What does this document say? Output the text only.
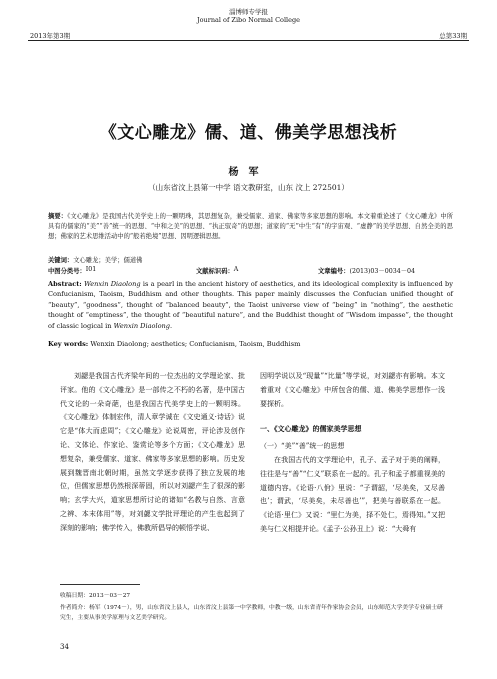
淄博师专学报
Journal of Zibo Normal College
2013年第3期	总第33期
《文心雕龙》儒、道、佛美学思想浅析
杨军
（山东省汶上县第一中学 语文教研室，山东 汶上 272501）
摘要：《文心雕龙》是我国古代美学史上的一颗明珠，其思想复杂，兼受儒家、道家、佛家等多家思想的影响。本文着重论述了《文心雕龙》中所具有的儒家的“美”“善”统一的思想、“中和之美”的思想、“执正驭奇”的思想；道家的“无”中生“有”的宇宙观、“虚静”的美学思想、自然全美的思想；佛家的艺术思维活动中的“般若绝境”思想、因明逻辑思想。
关键词：文心雕龙；美学；儒道佛
中图分类号： I01	文献标识码： A	文章编号： (2013)03－0034－04
Abstract: Wenxin Diaolong is a pearl in the ancient history of aesthetics, and its ideological complexity is influenced by Confucianism, Taoism, Buddhism and other thoughts. This paper mainly discusses the Confucian unified thought of “beauty”, “goodness”, thought of “balanced beauty”, the Taoist universe view of “being” in “nothing”, the aesthetic thought of “emptiness”, the thought of “beautiful nature”, and the Buddhist thought of “Wisdom impasse”, the thought of classic logical in Wenxin Diaolong.
Key words: Wenxin Diaolong; aesthetics; Confucianism, Taoism, Buddhism
刘勰是我国古代齐梁年间的一位杰出的文学理论家、批评家。他的《文心雕龙》是一部传之不朽的名著，是中国古代文论的一朵奇葩，也是我国古代美学史上的一颗明珠。《文心雕龙》体制宏伟，清人章学诚在《文史通义·诗话》说它是“体大而虑周”；《文心雕龙》论说周密，评论涉及创作论、文体论、作家论、鉴赏论等多个方面；《文心雕龙》思想复杂，兼受儒家、道家、佛家等多家思想的影响。历史发展到魏晋南北朝时期，虽然文学逐步获得了独立发展的地位，但儒家思想仍然根深蒂固，所以对刘勰产生了很深的影响；玄学大兴，道家思想所讨论的诸如“名教与自然、言意之辨、本末体用”等，对刘勰文学批评理论的产生也起到了深刻的影响；佛学传入，佛教所倡导的顿悟学说、
因明学说以及“现量”“比量”等学说，对刘勰亦有影响。本文着重对《文心雕龙》中所包含的儒、道、佛美学思想作一浅要探析。
一、《文心雕龙》的儒家美学思想
（一）“美”“善”统一的思想
在我国古代的文学理论中，孔子、孟子对于美的阐释，往往是与“善”“仁义”联系在一起的。孔子和孟子都重视美的道德内容。《论语·八佾》里说：“子谓韶，‘尽美矣，又尽善也’；谓武，‘尽美矣，未尽善也’”，把美与善联系在一起。《论语·里仁》又说：“里仁为美，择不处仁，焉得知。”又把美与仁义相提并论。《孟子·公孙丑上》说：“大舜有
收稿日期：2013－03－27
作者简介：杨军（1974－），男，山东省汶上县人，山东省汶上县第一中学教师，中教一级，山东省青年作家协会会员，山东师范大学美学专业硕士研究生，主要从事美学原理与文艺美学研究。
34
